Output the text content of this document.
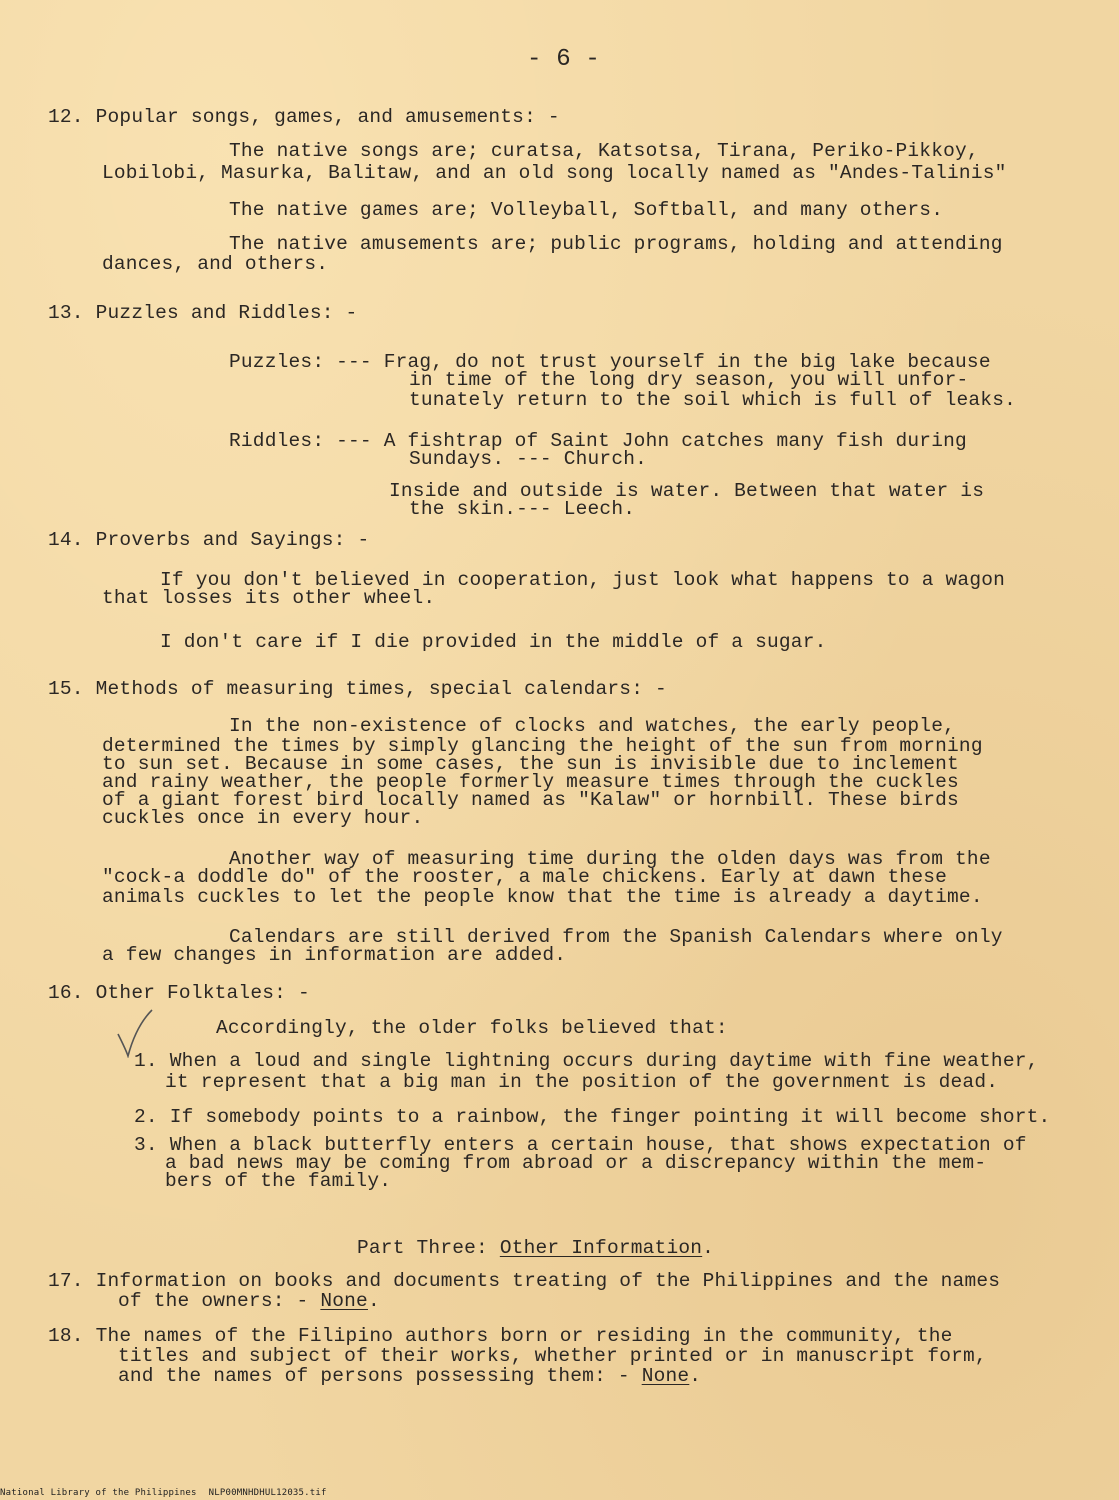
- 6 -
12. Popular songs, games, and amusements: -
The native songs are; curatsa, Katsotsa, Tirana, Periko-Pikkoy,
Lobilobi, Masurka, Balitaw, and an old song locally named as "Andes-Talinis"
The native games are; Volleyball, Softball, and many others.
The native amusements are; public programs, holding and attending
dances, and others.
13. Puzzles and Riddles: -
Puzzles: --- Frag, do not trust yourself in the big lake because
in time of the long dry season, you will unfor-
tunately return to the soil which is full of leaks.
Riddles: --- A fishtrap of Saint John catches many fish during
Sundays. --- Church.
Inside and outside is water. Between that water is
the skin.--- Leech.
14. Proverbs and Sayings: -
If you don't believed in cooperation, just look what happens to a wagon
that losses its other wheel.
I don't care if I die provided in the middle of a sugar.
15. Methods of measuring times, special calendars: -
In the non-existence of clocks and watches, the early people,
determined the times by simply glancing the height of the sun from morning
to sun set. Because in some cases, the sun is invisible due to inclement
and rainy weather, the people formerly measure times through the cuckles
of a giant forest bird locally named as "Kalaw" or hornbill. These birds
cuckles once in every hour.
Another way of measuring time during the olden days was from the
"cock-a doddle do" of the rooster, a male chickens. Early at dawn these
animals cuckles to let the people know that the time is already a daytime.
Calendars are still derived from the Spanish Calendars where only
a few changes in information are added.
16. Other Folktales: -
Accordingly, the older folks believed that:
1. When a loud and single lightning occurs during daytime with fine weather,
it represent that a big man in the position of the government is dead.
2. If somebody points to a rainbow, the finger pointing it will become short.
3. When a black butterfly enters a certain house, that shows expectation of
a bad news may be coming from abroad or a discrepancy within the mem-
bers of the family.
Part Three: Other Information.
17. Information on books and documents treating of the Philippines and the names
of the owners: - None.
18. The names of the Filipino authors born or residing in the community, the
titles and subject of their works, whether printed or in manuscript form,
and the names of persons possessing them: - None.
National Library of the Philippines NLP00MNHDHUL12035.tif
